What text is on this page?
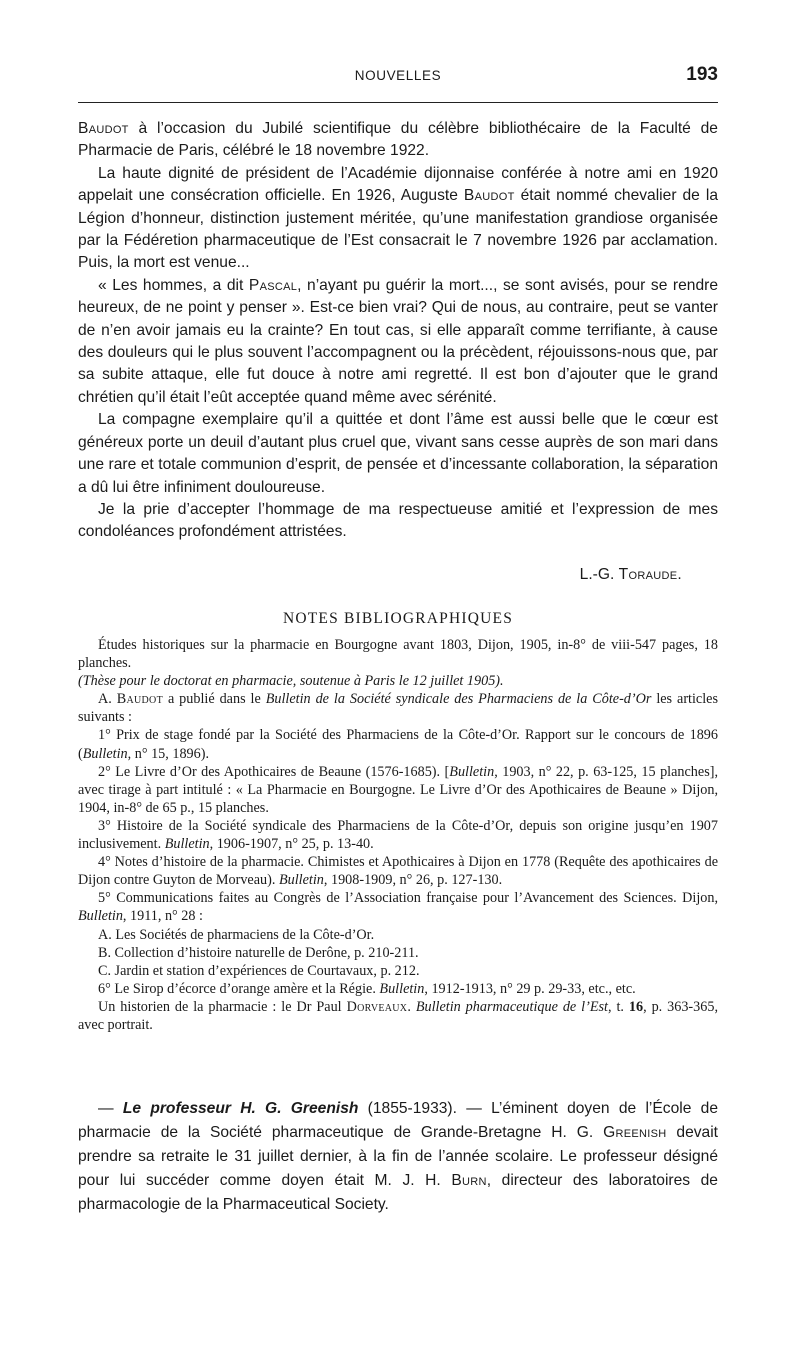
NOUVELLES	193

Baudot à l’occasion du Jubilé scientifique du célèbre bibliothécaire de la Faculté de Pharmacie de Paris, célébré le 18 novembre 1922.

La haute dignité de président de l’Académie dijonnaise conférée à notre ami en 1920 appelait une consécration officielle. En 1926, Auguste Baudot était nommé chevalier de la Légion d’honneur, distinction justement méritée, qu’une manifestation grandiose organisée par la Fédéretion pharmaceutique de l’Est consacrait le 7 novembre 1926 par acclamation. Puis, la mort est venue...

« Les hommes, a dit Pascal, n’ayant pu guérir la mort..., se sont avisés, pour se rendre heureux, de ne point y penser ». Est-ce bien vrai? Qui de nous, au contraire, peut se vanter de n’en avoir jamais eu la crainte? En tout cas, si elle apparaît comme terrifiante, à cause des douleurs qui le plus souvent l’accompagnent ou la précèdent, réjouissons-nous que, par sa subite attaque, elle fut douce à notre ami regretté. Il est bon d’ajouter que le grand chrétien qu’il était l’eût acceptée quand même avec sérénité.

La compagne exemplaire qu’il a quittée et dont l’âme est aussi belle que le cœur est généreux porte un deuil d’autant plus cruel que, vivant sans cesse auprès de son mari dans une rare et totale communion d’esprit, de pensée et d’incessante collaboration, la séparation a dû lui être infiniment douloureuse.

Je la prie d’accepter l’hommage de ma respectueuse amitié et l’expression de mes condoléances profondément attristées.

NOTES BIBLIOGRAPHIQUES

Études historiques sur la pharmacie en Bourgogne avant 1803, Dijon, 1905, in-8° de viii-547 pages, 18 planches.

(Thèse pour le doctorat en pharmacie, soutenue à Paris le 12 juillet 1905).

A. Baudot a publié dans le Bulletin de la Société syndicale des Pharmaciens de la Côte-d’Or les articles suivants :

1° Prix de stage fondé par la Société des Pharmaciens de la Côte-d’Or. Rapport sur le concours de 1896 (Bulletin, n° 15, 1896).

2° Le Livre d’Or des Apothicaires de Beaune (1576-1685). [Bulletin, 1903, n° 22, p. 63-125, 15 planches], avec tirage à part intitulé : « La Pharmacie en Bourgogne. Le Livre d’Or des Apothicaires de Beaune » Dijon, 1904, in-8° de 65 p., 15 planches.

3° Histoire de la Société syndicale des Pharmaciens de la Côte-d’Or, depuis son origine jusqu’en 1907 inclusivement. Bulletin, 1906-1907, n° 25, p. 13-40.

4° Notes d’histoire de la pharmacie. Chimistes et Apothicaires à Dijon en 1778 (Requête des apothicaires de Dijon contre Guyton de Morveau). Bulletin, 1908-1909, n° 26, p. 127-130.

5° Communications faites au Congrès de l’Association française pour l’Avancement des Sciences. Dijon, Bulletin, 1911, n° 28 :

A. Les Sociétés de pharmaciens de la Côte-d’Or.

B. Collection d’histoire naturelle de Derône, p. 210-211.

C. Jardin et station d’expériences de Courtavaux, p. 212.

6° Le Sirop d’écorce d’orange amère et la Régie. Bulletin, 1912-1913, n° 29 p. 29-33, etc., etc.

Un historien de la pharmacie : le Dr Paul Dorveaux. Bulletin pharmaceutique de l’Est, t. 16, p. 363-365, avec portrait.

— Le professeur H. G. Greenish (1855-1933). — L’éminent doyen de l’École de pharmacie de la Société pharmaceutique de Grande-Bretagne H. G. Greenish devait prendre sa retraite le 31 juillet dernier, à la fin de l’année scolaire. Le professeur désigné pour lui succéder comme doyen était M. J. H. Burn, directeur des laboratoires de pharmacologie de la Pharmaceutical Society.

L.-G. Toraude.
